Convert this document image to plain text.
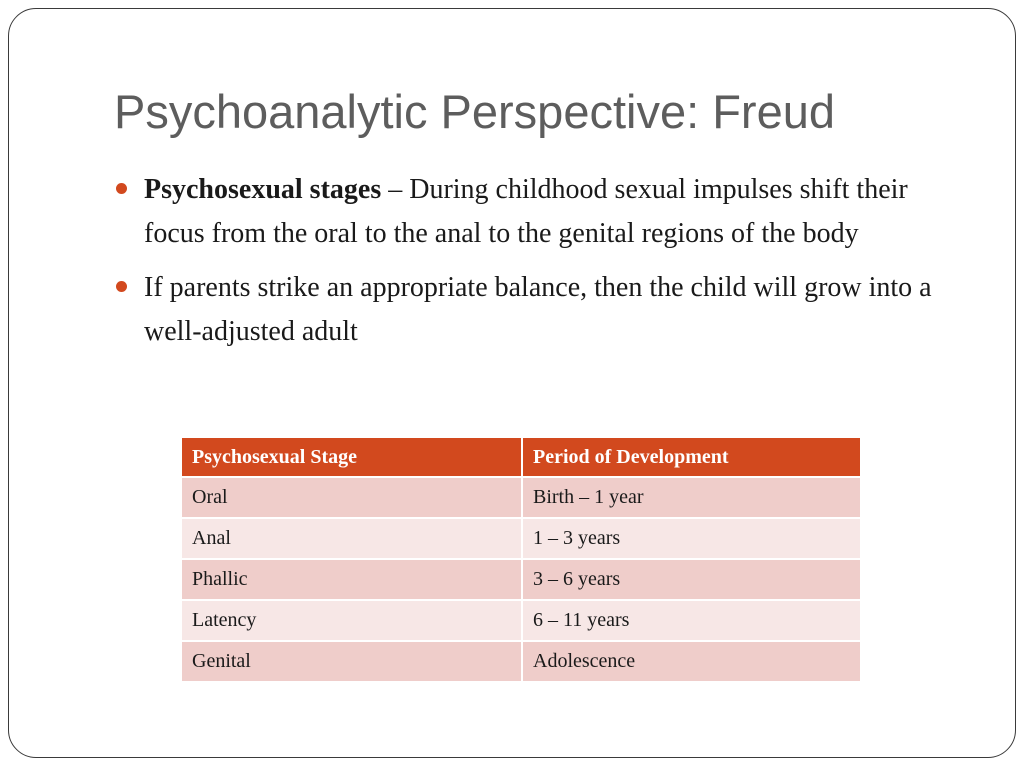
Psychoanalytic Perspective: Freud
Psychosexual stages – During childhood sexual impulses shift their focus from the oral to the anal to the genital regions of the body
If parents strike an appropriate balance, then the child will grow into a well-adjusted adult
Psychosexual Stage	Period of Development
Oral	Birth – 1 year
Anal	1 – 3 years
Phallic	3 – 6 years
Latency	6 – 11 years
Genital	Adolescence
